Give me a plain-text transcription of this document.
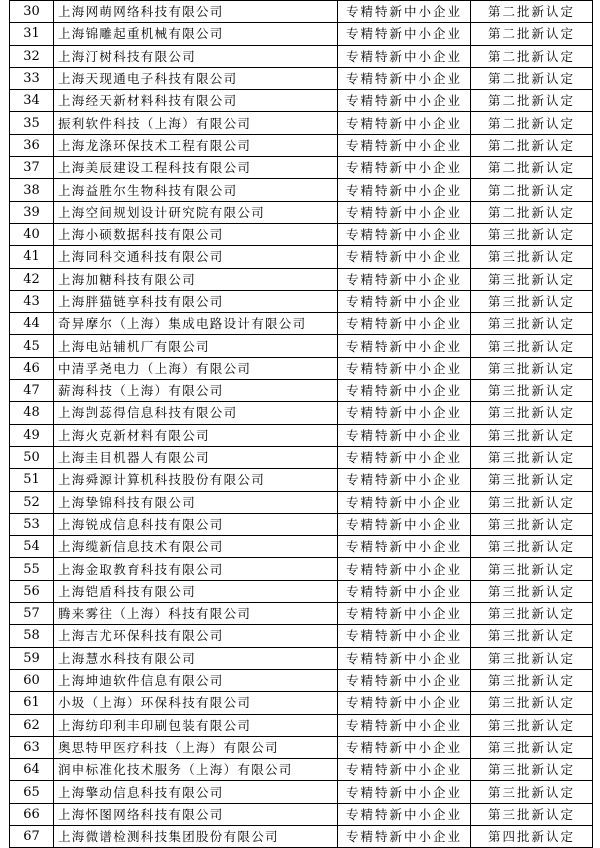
30	上海网萌网络科技有限公司	专精特新中小企业	第二批新认定
31	上海锦雕起重机械有限公司	专精特新中小企业	第二批新认定
32	上海汀树科技有限公司	专精特新中小企业	第二批新认定
33	上海天现通电子科技有限公司	专精特新中小企业	第二批新认定
34	上海经天新材料科技有限公司	专精特新中小企业	第二批新认定
35	振利软件科技（上海）有限公司	专精特新中小企业	第二批新认定
36	上海龙涤环保技术工程有限公司	专精特新中小企业	第二批新认定
37	上海美辰建设工程科技有限公司	专精特新中小企业	第二批新认定
38	上海益胜尔生物科技有限公司	专精特新中小企业	第二批新认定
39	上海空间规划设计研究院有限公司	专精特新中小企业	第二批新认定
40	上海小硕数据科技有限公司	专精特新中小企业	第三批新认定
41	上海同科交通科技有限公司	专精特新中小企业	第三批新认定
42	上海加糖科技有限公司	专精特新中小企业	第三批新认定
43	上海胖猫链享科技有限公司	专精特新中小企业	第三批新认定
44	奇异摩尔（上海）集成电路设计有限公司	专精特新中小企业	第三批新认定
45	上海电站辅机厂有限公司	专精特新中小企业	第三批新认定
46	中清孚尧电力（上海）有限公司	专精特新中小企业	第三批新认定
47	薪海科技（上海）有限公司	专精特新中小企业	第三批新认定
48	上海剀蕊得信息科技有限公司	专精特新中小企业	第三批新认定
49	上海火克新材料有限公司	专精特新中小企业	第三批新认定
50	上海圭目机器人有限公司	专精特新中小企业	第三批新认定
51	上海舜源计算机科技股份有限公司	专精特新中小企业	第三批新认定
52	上海挚锦科技有限公司	专精特新中小企业	第三批新认定
53	上海锐成信息科技有限公司	专精特新中小企业	第三批新认定
54	上海缆新信息技术有限公司	专精特新中小企业	第三批新认定
55	上海金取教育科技有限公司	专精特新中小企业	第三批新认定
56	上海铠盾科技有限公司	专精特新中小企业	第三批新认定
57	腾来雾往（上海）科技有限公司	专精特新中小企业	第三批新认定
58	上海吉尤环保科技有限公司	专精特新中小企业	第三批新认定
59	上海慧水科技有限公司	专精特新中小企业	第三批新认定
60	上海坤迪软件信息有限公司	专精特新中小企业	第三批新认定
61	小圾（上海）环保科技有限公司	专精特新中小企业	第三批新认定
62	上海纺印利丰印刷包装有限公司	专精特新中小企业	第三批新认定
63	奥思特甲医疗科技（上海）有限公司	专精特新中小企业	第三批新认定
64	润申标准化技术服务（上海）有限公司	专精特新中小企业	第三批新认定
65	上海擎动信息科技有限公司	专精特新中小企业	第三批新认定
66	上海怀图网络科技有限公司	专精特新中小企业	第三批新认定
67	上海微谱检测科技集团股份有限公司	专精特新中小企业	第四批新认定
